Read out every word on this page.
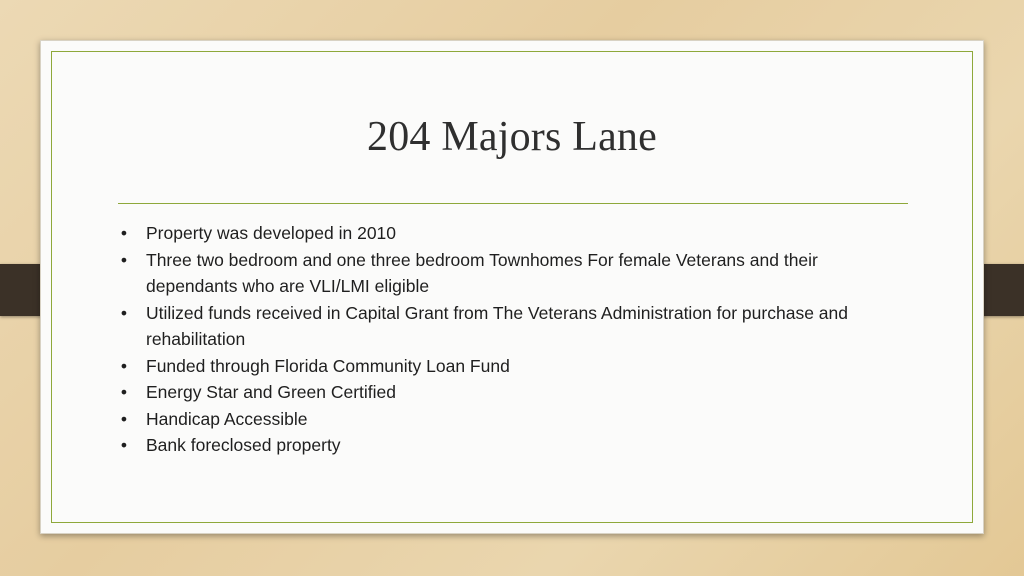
204 Majors Lane
• Property was developed in 2010
• Three two bedroom and one three bedroom Townhomes For female Veterans and their dependants who are VLI/LMI eligible
• Utilized funds received in Capital Grant from The Veterans Administration for purchase and rehabilitation
• Funded through Florida Community Loan Fund
• Energy Star and Green Certified
• Handicap Accessible
• Bank foreclosed property
